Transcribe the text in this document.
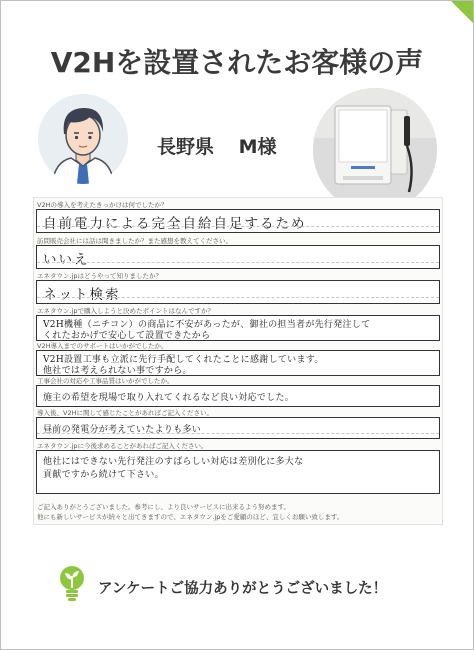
V2Hを設置されたお客様の声
長野県 M様
V2Hの導入を考えたきっかけは何でしたか？
自前電力による完全自給自足するため
訪問販売会社には話は聞きましたか？また感想を教えてください。
いいえ
エネタウン.jpはどうやって知りましたか？
ネット検索
エネタウン.jpで購入しようと決めたポイントはなんですか？
V2H機種（ニチコン）の商品に不安があったが、御社の担当者が先行発注して
くれたおかげで安心して設置できたから
V2H導入までのサポートはいかがでしたか。
V2H設置工事も立派に先行手配してくれたことに感謝しています。
他社では考えられない事ですから。
工事会社の対応や工事品質はいかがでしたか。
施主の希望を現場で取り入れてくれるなど良い対応でした。
導入後、V2Hに関して感じたことがあればご記入ください。
昼前の発電分が考えていたよりも多い
エネタウン.jpに今後求めることがあればご記入ください。
他社にはできない先行発注のすばらしい対応は差別化に多大な
貢献ですから続けて下さい。
ご記入ありがとうございました。参考にし、より良いサービスに出来るよう努めます。
他にも新しいサービスが続々と出てきますので、エネタウン.jpをご愛顧のほど、宜しくお願い致します。
アンケートご協力ありがとうございました！
